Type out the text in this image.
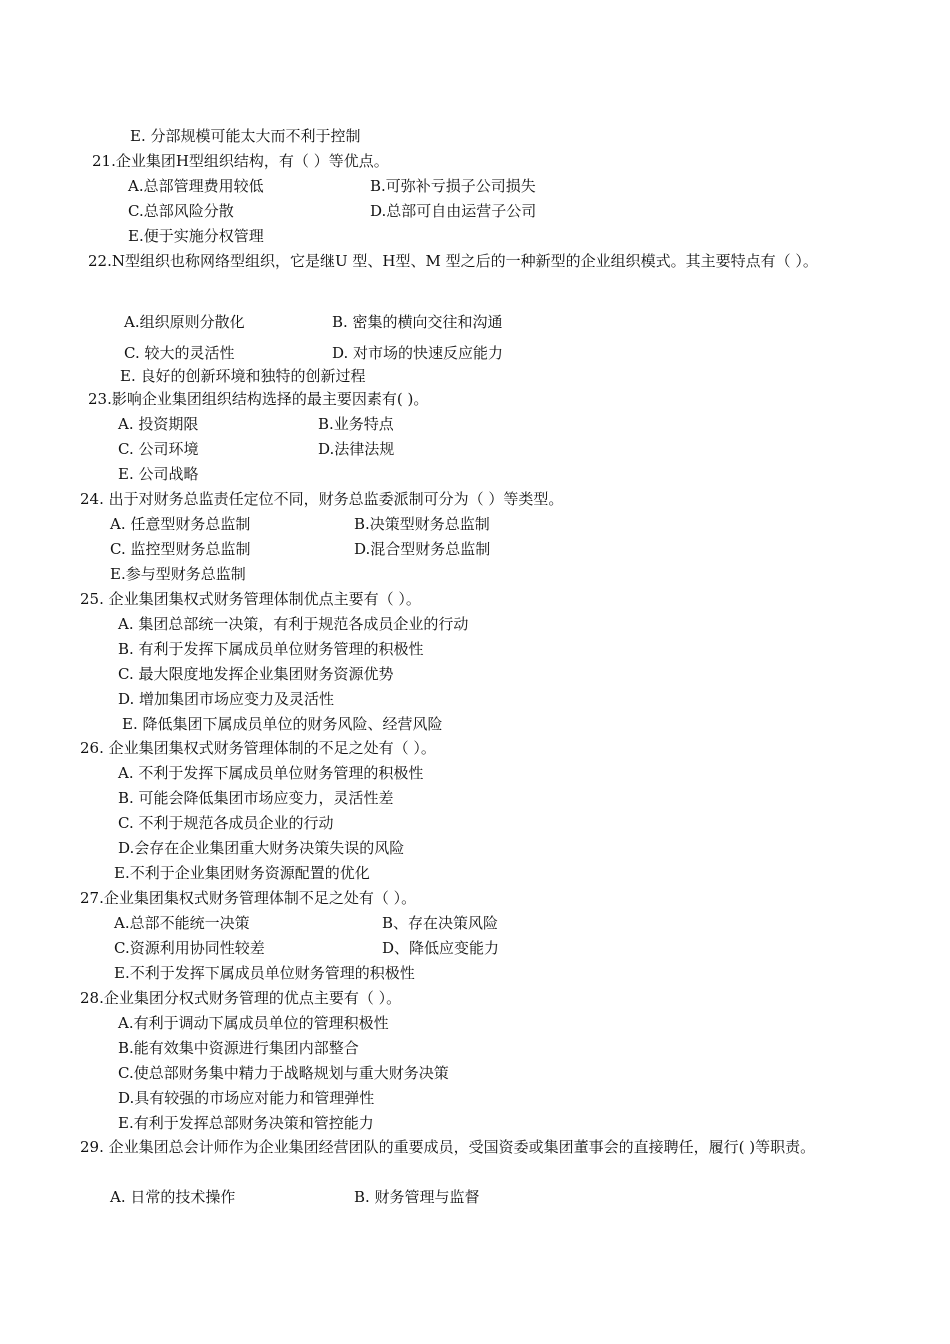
E. 分部规模可能太大而不利于控制
21.企业集团H型组织结构，有（ ）等优点。
A.总部管理费用较低	B.可弥补亏损子公司损失
C.总部风险分散	D.总部可自由运营子公司
E.便于实施分权管理
22.N型组织也称网络型组织，它是继U 型、H型、M 型之后的一种新型的企业组织模式。其主要特点有（ ）。
A.组织原则分散化	B. 密集的横向交往和沟通
C. 较大的灵活性	D. 对市场的快速反应能力
E. 良好的创新环境和独特的创新过程
23.影响企业集团组织结构选择的最主要因素有( )。
A. 投资期限	B.业务特点
C. 公司环境	D.法律法规
E. 公司战略
24. 出于对财务总监责任定位不同，财务总监委派制可分为（ ）等类型。
A. 任意型财务总监制	B.决策型财务总监制
C. 监控型财务总监制	D.混合型财务总监制
E.参与型财务总监制
25. 企业集团集权式财务管理体制优点主要有（ ）。
A. 集团总部统一决策，有利于规范各成员企业的行动
B. 有利于发挥下属成员单位财务管理的积极性
C. 最大限度地发挥企业集团财务资源优势
D. 增加集团市场应变力及灵活性
E. 降低集团下属成员单位的财务风险、经营风险
26. 企业集团集权式财务管理体制的不足之处有（ ）。
A. 不利于发挥下属成员单位财务管理的积极性
B. 可能会降低集团市场应变力，灵活性差
C. 不利于规范各成员企业的行动
D.会存在企业集团重大财务决策失误的风险
E.不利于企业集团财务资源配置的优化
27.企业集团集权式财务管理体制不足之处有（ ）。
A.总部不能统一决策	B、存在决策风险
C.资源利用协同性较差	D、降低应变能力
E.不利于发挥下属成员单位财务管理的积极性
28.企业集团分权式财务管理的优点主要有（ ）。
A.有利于调动下属成员单位的管理积极性
B.能有效集中资源进行集团内部整合
C.使总部财务集中精力于战略规划与重大财务决策
D.具有较强的市场应对能力和管理弹性
E.有利于发挥总部财务决策和管控能力
29. 企业集团总会计师作为企业集团经营团队的重要成员，受国资委或集团董事会的直接聘任，履行( )等职责。
A. 日常的技术操作	B. 财务管理与监督
